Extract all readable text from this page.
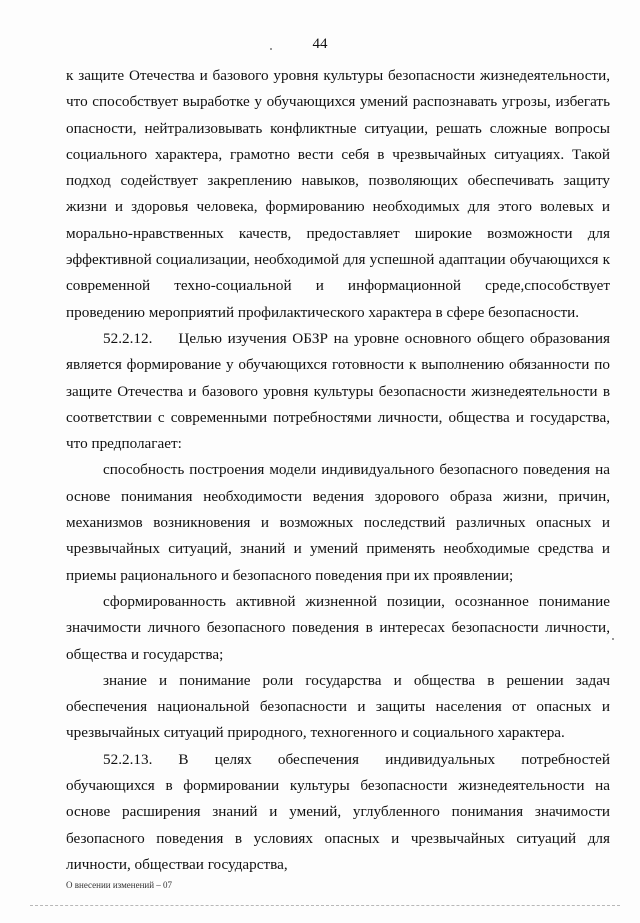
44

к защите Отечества и базового уровня культуры безопасности жизнедеятельности, что способствует выработке у обучающихся умений распознавать угрозы, избегать опасности, нейтрализовывать конфликтные ситуации, решать сложные вопросы социального характера, грамотно вести себя в чрезвычайных ситуациях. Такой подход содействует закреплению навыков, позволяющих обеспечивать защиту жизни и здоровья человека, формированию необходимых для этого волевых и морально-нравственных качеств, предоставляет широкие возможности для эффективной социализации, необходимой для успешной адаптации обучающихся к современной техно-социальной и информационной среде,способствует проведению мероприятий профилактического характера в сфере безопасности.

52.2.12. Целью изучения ОБЗР на уровне основного общего образования является формирование у обучающихся готовности к выполнению обязанности по защите Отечества и базового уровня культуры безопасности жизнедеятельности в соответствии с современными потребностями личности, общества и государства, что предполагает:

способность построения модели индивидуального безопасного поведения на основе понимания необходимости ведения здорового образа жизни, причин, механизмов возникновения и возможных последствий различных опасных и чрезвычайных ситуаций, знаний и умений применять необходимые средства и приемы рационального и безопасного поведения при их проявлении;

сформированность активной жизненной позиции, осознанное понимание значимости личного безопасного поведения в интересах безопасности личности, общества и государства;

знание и понимание роли государства и общества в решении задач обеспечения национальной безопасности и защиты населения от опасных и чрезвычайных ситуаций природного, техногенного и социального характера.

52.2.13. В целях обеспечения индивидуальных потребностей обучающихся в формировании культуры безопасности жизнедеятельности на основе расширения знаний и умений, углубленного понимания значимости безопасного поведения в условиях опасных и чрезвычайных ситуаций для личности, обществаи государства,

О внесении изменений – 07
